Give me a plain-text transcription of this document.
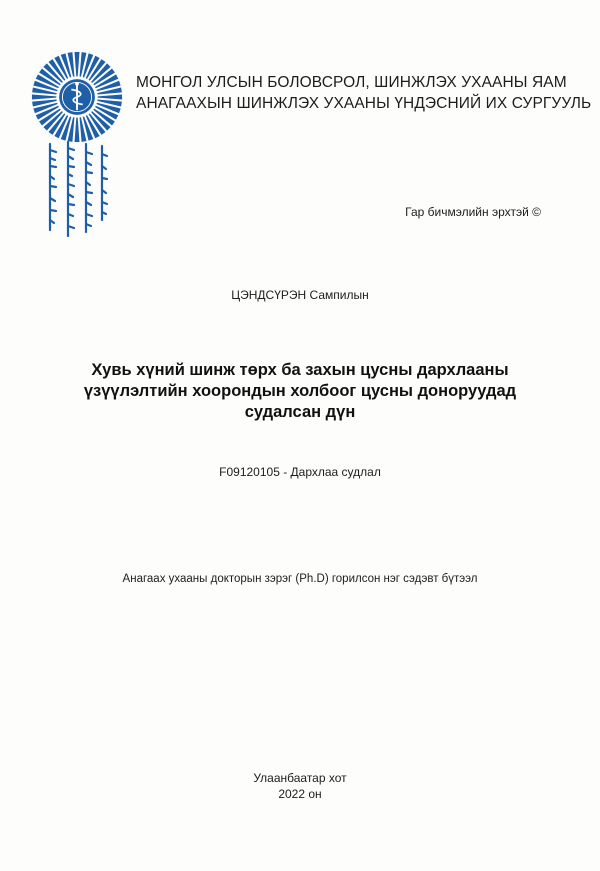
МОНГОЛ УЛСЫН БОЛОВСРОЛ, ШИНЖЛЭХ УХААНЫ ЯАМ
АНАГААХЫН ШИНЖЛЭХ УХААНЫ ҮНДЭСНИЙ ИХ СУРГУУЛЬ
Гар бичмэлийн эрхтэй ©
ЦЭНДСҮРЭН Сампилын
Хувь хүний шинж төрх ба захын цусны дархлааны
үзүүлэлтийн хоорондын холбоог цусны доноруудад
судалсан дүн
F09120105 - Дархлаа судлал
Анагаах ухааны докторын зэрэг (Ph.D) горилсон нэг сэдэвт бүтээл
Улаанбаатар хот
2022 он
